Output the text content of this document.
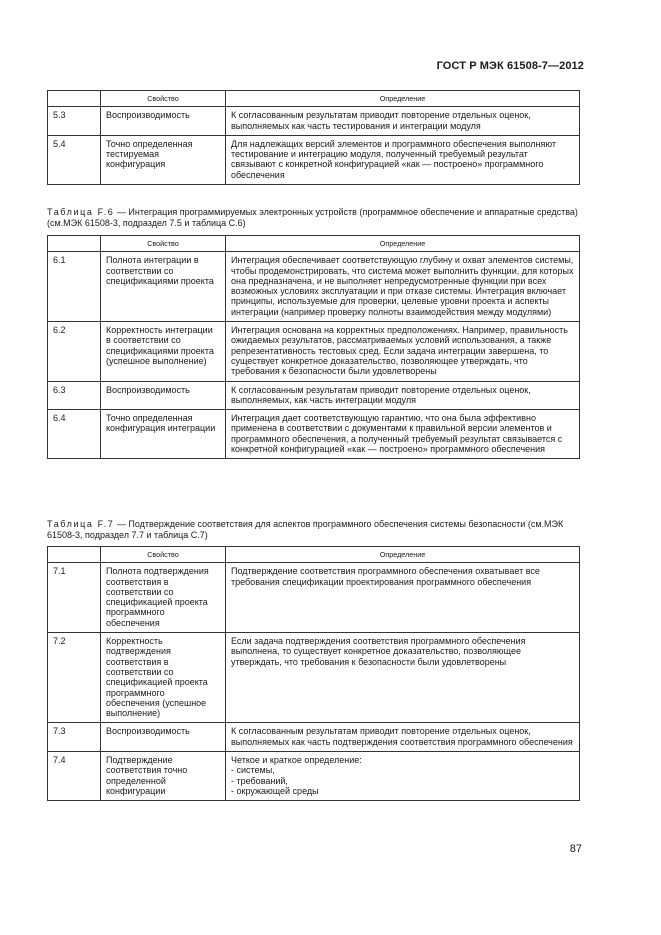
ГОСТ Р МЭК 61508-7—2012
	Свойство	Определение
5.3	Воспроизводимость	К согласованным результатам приводит повторение отдельных оценок, выполняемых как часть тестирования и интеграции модуля
5.4	Точно определенная тестируемая конфигурация	Для надлежащих версий элементов и программного обеспечения выполняют тестирование и интеграцию модуля, полученный требуемый результат связывают с конкретной конфигурацией «как — построено» программного обеспечения
Таблица F.6 — Интеграция программируемых электронных устройств (программное обеспечение и аппаратные средства) (см.МЭК 61508-3, подраздел 7.5 и таблица С.6)
	Свойство	Определение
6.1	Полнота интеграции в соответствии со спецификациями проекта	Интеграция обеспечивает соответствующую глубину и охват элементов системы, чтобы продемонстрировать, что система может выполнить функции, для которых она предназначена, и не выполняет непредусмотренные функции при всех возможных условиях эксплуатации и при отказе системы. Интеграция включает принципы, используемые для проверки, целевые уровни проекта и аспекты интеграции (например проверку полноты взаимодействия между модулями)
6.2	Корректность интеграции в соответствии со спецификациями проекта (успешное выполнение)	Интеграция основана на корректных предположениях. Например, правильность ожидаемых результатов, рассматриваемых условий использования, а также репрезентативность тестовых сред. Если задача интеграции завершена, то существует конкретное доказательство, позволяющее утверждать, что требования к безопасности были удовлетворены
6.3	Воспроизводимость	К согласованным результатам приводит повторение отдельных оценок, выполняемых, как часть интеграции модуля
6.4	Точно определенная конфигурация интеграции	Интеграция дает соответствующую гарантию, что она была эффективно применена в соответствии с документами к правильной версии элементов и программного обеспечения, а полученный требуемый результат связывается с конкретной конфигурацией «как — построено» программного обеспечения
Таблица F.7 — Подтверждение соответствия для аспектов программного обеспечения системы безопасности (см.МЭК 61508-3, подраздел 7.7 и таблица С.7)
	Свойство	Определение
7.1	Полнота подтверждения соответствия в соответствии со спецификацией проекта программного обеспечения	Подтверждение соответствия программного обеспечения охватывает все требования спецификации проектирования программного обеспечения
7.2	Корректность подтверждения соответствия в соответствии со спецификацией проекта программного обеспечения (успешное выполнение)	Если задача подтверждения соответствия программного обеспечения выполнена, то существует конкретное доказательство, позволяющее утверждать, что требования к безопасности были удовлетворены
7.3	Воспроизводимость	К согласованным результатам приводит повторение отдельных оценок, выполняемых как часть подтверждения соответствия программного обеспечения
7.4	Подтверждение соответствия точно определенной конфигурации	Четкое и краткое определение:
- системы,
- требований,
- окружающей среды
87
